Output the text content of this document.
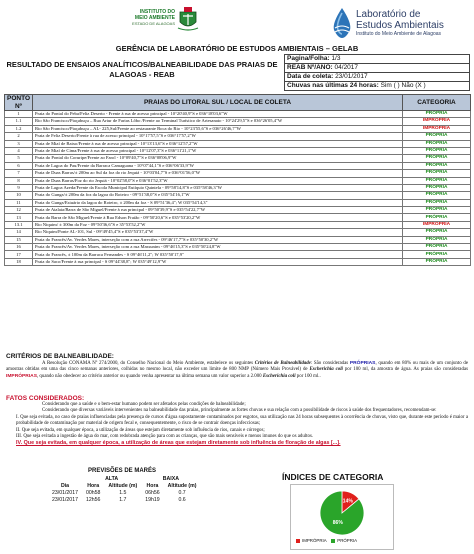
INSTITUTO DO
MEIO AMBIENTE
ESTADO DE ALAGOAS
Laboratório de
Estudos Ambientais
Instituto do Meio Ambiente de Alagoas
GERÊNCIA DE LABORATÓRIO DE ESTUDOS AMBIENTAIS – GELAB
RESULTADO DE ENSAIOS ANALÍTICOS/BALNEABILIDADE DAS PRAIAS DE ALAGOAS - REAB
Pagina/Folha: 1/3
REAB Nº/ANO: 04/2017
Data de coleta: 23/01/2017
Chuvas nas últimas 24 horas: Sim ( ) Não (X )
PONTO Nº	PRAIAS DO LITORAL SUL / LOCAL DE COLETA	CATEGORIA
1	Praia do Pontal do Peba/Feliz Deserto - Frente à rua de acesso principal - 10°20'40,9"S e 036°18'03,6"W	PRÓPRIA
1.1	Rio São Francisco/Piaçabuçu – Rua Artur de Farias Lôbo /Frente ao Terminal Turístico de Artesanato - 10°24'29,5"S e 036°26'05,4"W	IMPRÓPRIA
1.2	Rio São Francisco/Piaçabuçu – AL- 225,Sul/Frente ao restaurante Boca do Rio - 10°23'55,6"S e 036°26'46,7"W	IMPRÓPRIA
2	Praia de Feliz Deserto/Frente à rua de acesso principal - 10°17'57,5"S e 036°17'57,2"W	PRÓPRIA
3	Praia de Miaí de Baixo/Frente à rua de acesso principal - 10°13'13,6"S e 036°12'57,2"W	PRÓPRIA
4	Praia de Miaí de Cima/Frente à rua de acesso principal - 10°12'07,3"S e 036°11'21,1"W	PRÓPRIA
5	Praia do Pontal do Coruripe/Frente ao Farol - 10°09'40,7"S e 036°08'06,9"W	PRÓPRIA
6	Praia de Lagoa do Pau/Frente da Barraca Camaguana - 10°07'44,1"S e 036°06'33,9"W	PRÓPRIA
7	Praia de Duas Barras/± 200m ao Sul da foz do rio Jequiá - 10°03'04,7"S e 036°01'56,0"W	PRÓPRIA
8	Praia de Duas Barras/Foz do rio Jequiá - 10°02'58,0"S e 036°01'52,3"W	PRÓPRIA
9	Praia de Lagoa Azeda/Frente da Escola Municipal Eutíquio Quintela - 09°58'14,8"S e 035°58'46,3"W	PRÓPRIA
10	Praia do Gunga/± 200m da foz da lagoa do Roteiro - 09°51'38,0"S e 035°54'16,1"W	PRÓPRIA
11	Praia do Gunga/Estuário da lagoa do Roteiro, ± 200m da foz - S 09°51'36,4"; W 035°54'14,3"	PRÓPRIA
12	Praia de Atalaia/Barra de São Miguel/Frente à rua principal - 09°50'39,9"S e 035°54'22,7"W	PRÓPRIA
13	Praia da Barra de São Miguel/Frente à Rua Edson Fraião - 09°50'20,6"S e 035°53'20,2"W	PRÓPRIA
13.1	Rio Niquim/ ± 300m da Foz - 09°50'36,6"S e 35°53'52,2"W	IMPRÓPRIA
14	Rio Niquim/Ponte AL-101, Sul - 09°49'45,4"S e 035°53'37,4"W	PRÓPRIA
15	Praia do Francês/Av. Verdes Mares, interseção com a rua Arrecifes - 09°46'17,7"S e 035°50'30,2"W	PRÓPRIA
16	Praia do Francês/Av. Verdes Mares, interseção com a rua Massunim - 09°46'15,3"S e 035°50'24,8"W	PRÓPRIA
17	Praia do Francês, ± 100m da Barraca Fernandes - S 09°46'11,2"; W 035°50'17,9"	PRÓPRIA
18	Praia do Saco/Frente à rua principal - S 09°44'38,8"; W 035°49'12,9"W	PRÓPRIA
CRITÉRIOS DE BALNEABILIDADE:
A Resolução CONAMA Nº 274/2000, do Conselho Nacional do Meio Ambiente, estabelece os seguintes Critérios de Balneabilidade: São consideradas PRÓPRIAS, quando em 80% ou mais de um conjunto de amostras obtidas em uma das cinco semanas anteriores, colhidas no mesmo local, não exceder um limite de 800 NMP (Número Mais Provável) de Escherichia coli por 100 ml, da amostra de água. As praias são consideradas IMPRÓPRIAS, quando não obedecer ao critério anterior ou quando venha apresentar na última semana um valor superior a 2.000 Escherichia coli por 100 ml..
FATOS CONSIDERADOS:
Considerando que a saúde e o bem-estar humano podem ser afetados pelas condições de balneabilidade;
Considerando que diversas variáveis intervenientes na balneabilidade das praias, principalmente as fortes chuvas e sua relação com a possibilidade de riscos à saúde dos frequentadores, recomendam-se:
I. Que seja evitada, no caso de praias influenciadas pela presença de cursos d'água supostamente contaminados por esgotos, sua utilização nas 24 horas subsequentes à ocorrência de chuvas, visto que, durante este período é maior a probabilidade de contaminação por material de origem fecal e, consequentemente, o risco de se contrair doenças infecciosas;
II. Que seja evitada, em qualquer época, a utilização de áreas que estejam diretamente sob influência de rios, canais e córregos;
III. Que seja evitada a ingestão de água do mar, com redobrada atenção para com as crianças, que são mais sensíveis e menos imunes do que os adultos.
IV. Que seja evitada, em qualquer época, a utilização de áreas que estejam diretamente sob influência de floração de algas [...].
PREVISÕES DE MARÉS
	ALTA		BAIXA	
Dia	Hora	Altitude (m)	Hora	Altitude (m)
23/01/2017	00h58	1.5	06h56	0.7
23/01/2017	12h56	1.7	19h19	0.6
ÍNDICES DE CATEGORIA
14%
86%
IMPRÓPRIA PRÓPRIA
